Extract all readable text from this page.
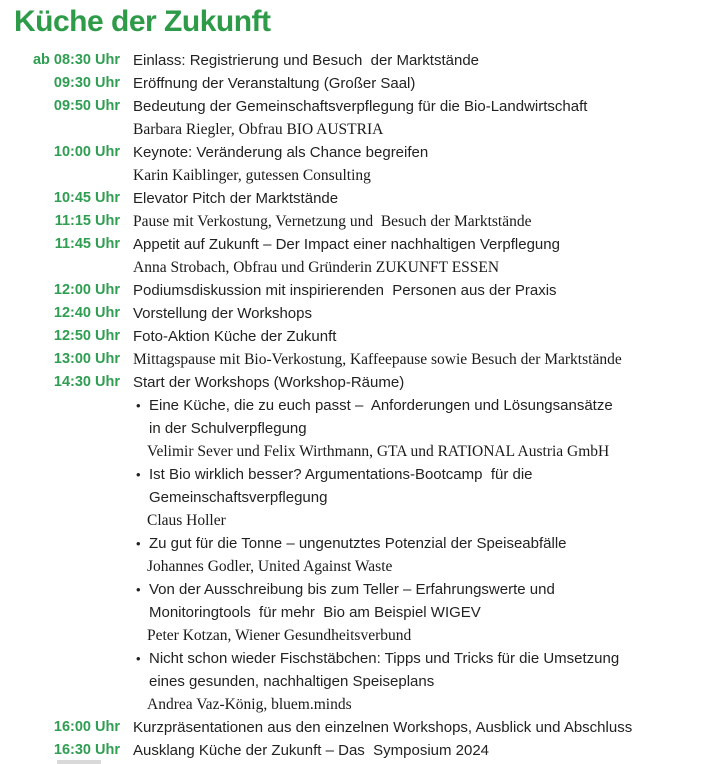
Küche der Zukunft
ab 08:30 Uhr Einlass: Registrierung und Besuch  der Marktstände
09:30 Uhr Eröffnung der Veranstaltung (Großer Saal)
09:50 Uhr Bedeutung der Gemeinschaftsverpflegung für die Bio-Landwirtschaft
Barbara Riegler, Obfrau BIO AUSTRIA
10:00 Uhr Keynote: Veränderung als Chance begreifen
Karin Kaiblinger, gutessen Consulting
10:45 Uhr Elevator Pitch der Marktstände
11:15 Uhr Pause mit Verkostung, Vernetzung und  Besuch der Marktstände
11:45 Uhr Appetit auf Zukunft – Der Impact einer nachhaltigen Verpflegung
Anna Strobach, Obfrau und Gründerin ZUKUNFT ESSEN
12:00 Uhr Podiumsdiskussion mit inspirierenden  Personen aus der Praxis
12:40 Uhr Vorstellung der Workshops
12:50 Uhr Foto-Aktion Küche der Zukunft
13:00 Uhr Mittagspause mit Bio-Verkostung, Kaffeepause sowie Besuch der Marktstände
14:30 Uhr Start der Workshops (Workshop-Räume)
• Eine Küche, die zu euch passt –  Anforderungen und Lösungsansätze
in der Schulverpflegung
Velimir Sever und Felix Wirthmann, GTA und RATIONAL Austria GmbH
• Ist Bio wirklich besser? Argumentations-Bootcamp  für die
Gemeinschaftsverpflegung
Claus Holler
• Zu gut für die Tonne – ungenutztes Potenzial der Speiseabfälle
Johannes Godler, United Against Waste
• Von der Ausschreibung bis zum Teller – Erfahrungswerte und
Monitoringtools  für mehr  Bio am Beispiel WIGEV
Peter Kotzan, Wiener Gesundheitsverbund
• Nicht schon wieder Fischstäbchen: Tipps und Tricks für die Umsetzung
eines gesunden, nachhaltigen Speiseplans
Andrea Vaz-König, bluem.minds
16:00 Uhr Kurzpräsentationen aus den einzelnen Workshops, Ausblick und Abschluss
16:30 Uhr Ausklang Küche der Zukunft – Das  Symposium 2024
